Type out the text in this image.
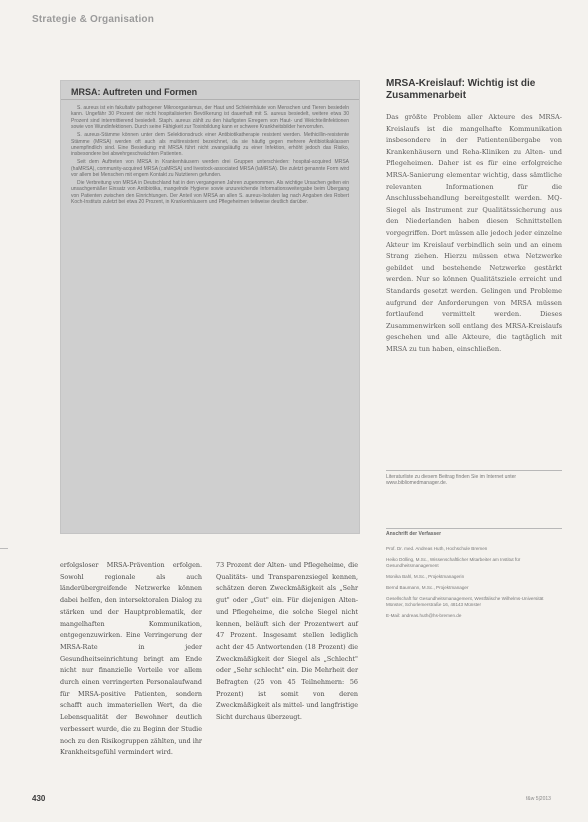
Strategie & Organisation
MRSA: Auftreten und Formen

S. aureus ist ein fakultativ pathogener Mikroorganismus, der Haut und Schleimhäute von Menschen und Tieren besiedeln kann. Ungefähr 30 Prozent der nicht hospitalisierten Bevölkerung ist dauerhaft mit S. aureus besiedelt, weitere etwa 30 Prozent sind intermittierend besiedelt. Staph. aureus zählt zu den häufigsten Erregern von Haut- und Weichteilinfektionen sowie von Wundinfektionen. Durch seine Fähigkeit zur Toxinbildung kann er schwere Krankheitsbilder hervorrufen.

S. aureus-Stämme können unter dem Selektionsdruck einer Antibiotikatherapie resistent werden. Methicillin-resistente Stämme (MRSA) werden oft auch als multiresistent bezeichnet, da sie häufig gegen mehrere Antibiotikaklassen unempfindlich sind. Eine Besiedlung mit MRSA führt nicht zwangsläufig zu einer Infektion, erhöht jedoch das Risiko, insbesondere bei abwehrgeschwächten Patienten.

Seit dem Auftreten von MRSA in Krankenhäusern werden drei Gruppen unterschieden: hospital-acquired MRSA (haMRSA), community-acquired MRSA (caMRSA) und livestock-associated MRSA (laMRSA). Die zuletzt genannte Form wird vor allem bei Menschen mit engem Kontakt zu Nutztieren gefunden.

Die Verbreitung von MRSA in Deutschland hat in den vergangenen Jahren zugenommen. Als wichtige Ursachen gelten ein unsachgemäßer Einsatz von Antibiotika, mangelnde Hygiene sowie unzureichende Informationsweitergabe beim Übergang von Patienten zwischen den Einrichtungen. Der Anteil von MRSA an allen S. aureus-Isolaten lag nach Angaben des Robert Koch-Instituts zuletzt bei etwa 20 Prozent, in Krankenhäusern und Pflegeheimen teilweise deutlich darüber.

MRSA-Kreislauf: Wichtig ist die Zusammenarbeit
Das größte Problem aller Akteure des MRSA-Kreislaufs ist die mangelhafte Kommunikation insbesondere in der Patientenübergabe von Krankenhäusern und Reha-Kliniken zu Alten- und Pflegeheimen. Daher ist es für eine erfolgreiche MRSA-Sanierung elementar wichtig, dass sämtliche relevanten Informationen für die Anschlussbehandlung bereitgestellt werden. MQ-Siegel als Instrument zur Qualitätssicherung aus den Niederlanden haben diesen Schnittstellen vorgegriffen. Dort müssen alle jedoch jeder einzelne Akteur im Kreislauf verbindlich sein und an einem Strang ziehen. Hierzu müssen etwa Netzwerke gebildet und bestehende Netzwerke gestärkt werden. Nur so können Qualitätsziele erreicht und Standards gesetzt werden. Gelingen und Probleme aufgrund der Anforderungen von MRSA müssen fortlaufend vermittelt werden. Dieses Zusammenwirken soll entlang des MRSA-Kreislaufs geschehen und alle Akteure, die tagtäglich mit MRSA zu tun haben, einschließen.
Literaturliste zu diesem Beitrag finden Sie im Internet unter www.bibliomedmanager.de.
Anschrift der Verfasser
Prof. Dr. med. Andreas Huth, Hochschule Bremen
Heiko Dölling, M.Sc., Wissenschaftlicher Mitarbeiter am Institut für Gesundheitsmanagement
Monika Bahl, M.Sc., Projektmanagerin
Bernd Baumann, M.Sc., Projektmanager
Gesellschaft für Gesundheitsmanagement, Westfälische Wilhelms-Universität Münster, Schorlemerstraße 16, 48143 Münster
E-Mail: andreas.huth@hs-bremen.de
erfolgsloser MRSA-Prävention erfolgen. Sowohl regionale als auch länderübergreifende Netzwerke können dabei helfen, den intersektoralen Dialog zu stärken und der Hauptproblematik, der mangelhaften Kommunikation, entgegenzuwirken. Eine Verringerung der MRSA-Rate in jeder Gesundheitseinrichtung bringt am Ende nicht nur finanzielle Vorteile vor allem durch einen verringerten Personalaufwand für MRSA-positive Patienten, sondern schafft auch immateriellen Wert, da die Lebensqualität der Bewohner deutlich verbessert wurde, die zu Beginn der Studie noch zu den Risikogruppen zählten, und ihr Krankheitsgefühl vermindert wird.
73 Prozent der Alten- und Pflegeheime, die Qualitäts- und Transparenzsiegel kennen, schätzen deren Zweckmäßigkeit als „Sehr gut" oder „Gut" ein. Für diejenigen Alten- und Pflegeheime, die solche Siegel nicht kennen, beläuft sich der Prozentwert auf 47 Prozent. Insgesamt stellen lediglich acht der 45 Antwortenden (18 Prozent) die Zweckmäßigkeit der Siegel als „Schlecht" oder „Sehr schlecht" ein. Die Mehrheit der Befragten (25 von 45 Teilnehmern: 56 Prozent) ist somit von deren Zweckmäßigkeit als mittel- und langfristige Sicht durchaus überzeugt.
430	f&w 5|2013
